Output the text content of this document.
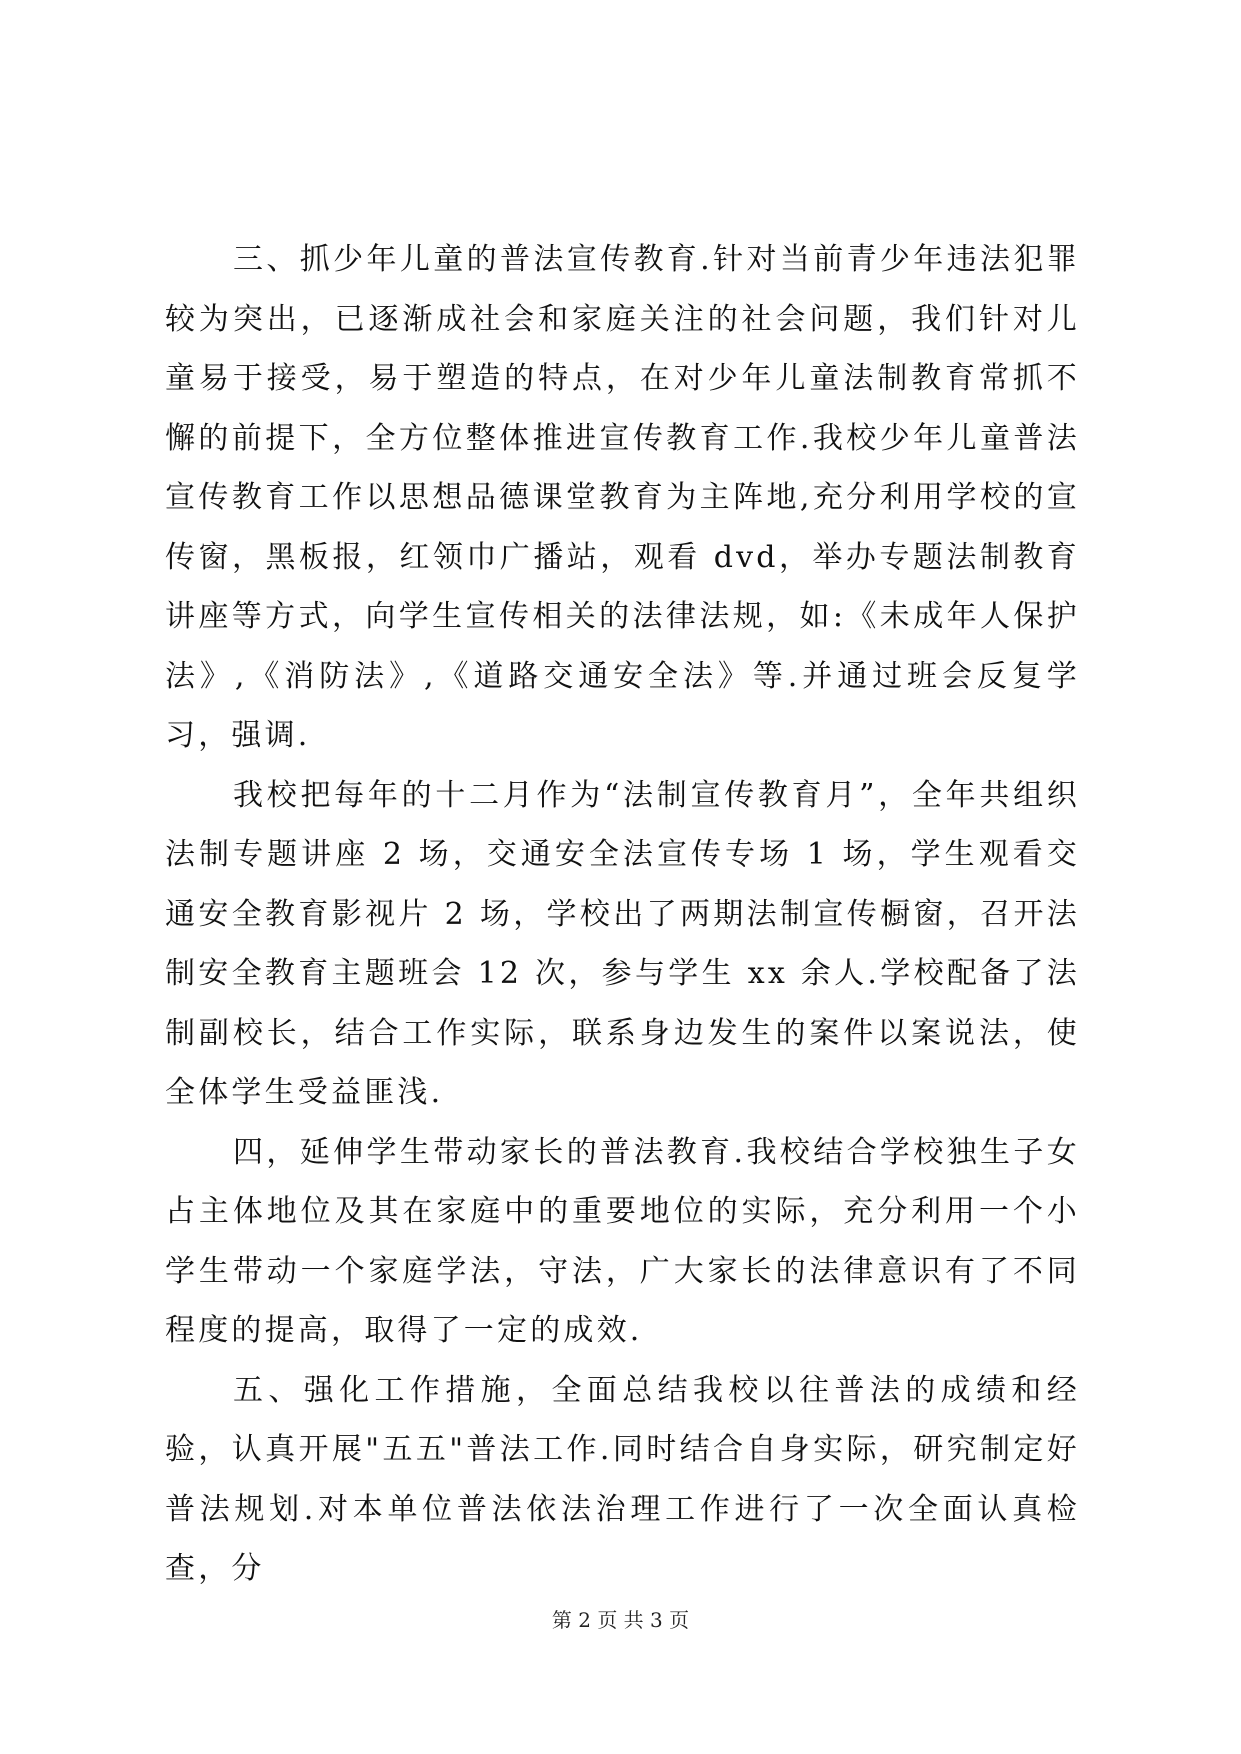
三、抓少年儿童的普法宣传教育.针对当前青少年违法犯罪较为突出，已逐渐成社会和家庭关注的社会问题，我们针对儿童易于接受，易于塑造的特点，在对少年儿童法制教育常抓不懈的前提下，全方位整体推进宣传教育工作.我校少年儿童普法宣传教育工作以思想品德课堂教育为主阵地,充分利用学校的宣传窗，黑板报，红领巾广播站，观看 dvd，举办专题法制教育讲座等方式，向学生宣传相关的法律法规，如:《未成年人保护法》,《消防法》,《道路交通安全法》等.并通过班会反复学习，强调.

我校把每年的十二月作为“法制宣传教育月”，全年共组织法制专题讲座 2 场，交通安全法宣传专场 1 场，学生观看交通安全教育影视片 2 场，学校出了两期法制宣传橱窗，召开法制安全教育主题班会 12 次，参与学生 xx 余人.学校配备了法制副校长，结合工作实际，联系身边发生的案件以案说法，使全体学生受益匪浅.

四，延伸学生带动家长的普法教育.我校结合学校独生子女占主体地位及其在家庭中的重要地位的实际，充分利用一个小学生带动一个家庭学法，守法，广大家长的法律意识有了不同程度的提高，取得了一定的成效.

五、强化工作措施，全面总结我校以往普法的成绩和经验，认真开展"五五"普法工作.同时结合自身实际，研究制定好普法规划.对本单位普法依法治理工作进行了一次全面认真检查，分

第 2 页 共 3 页
